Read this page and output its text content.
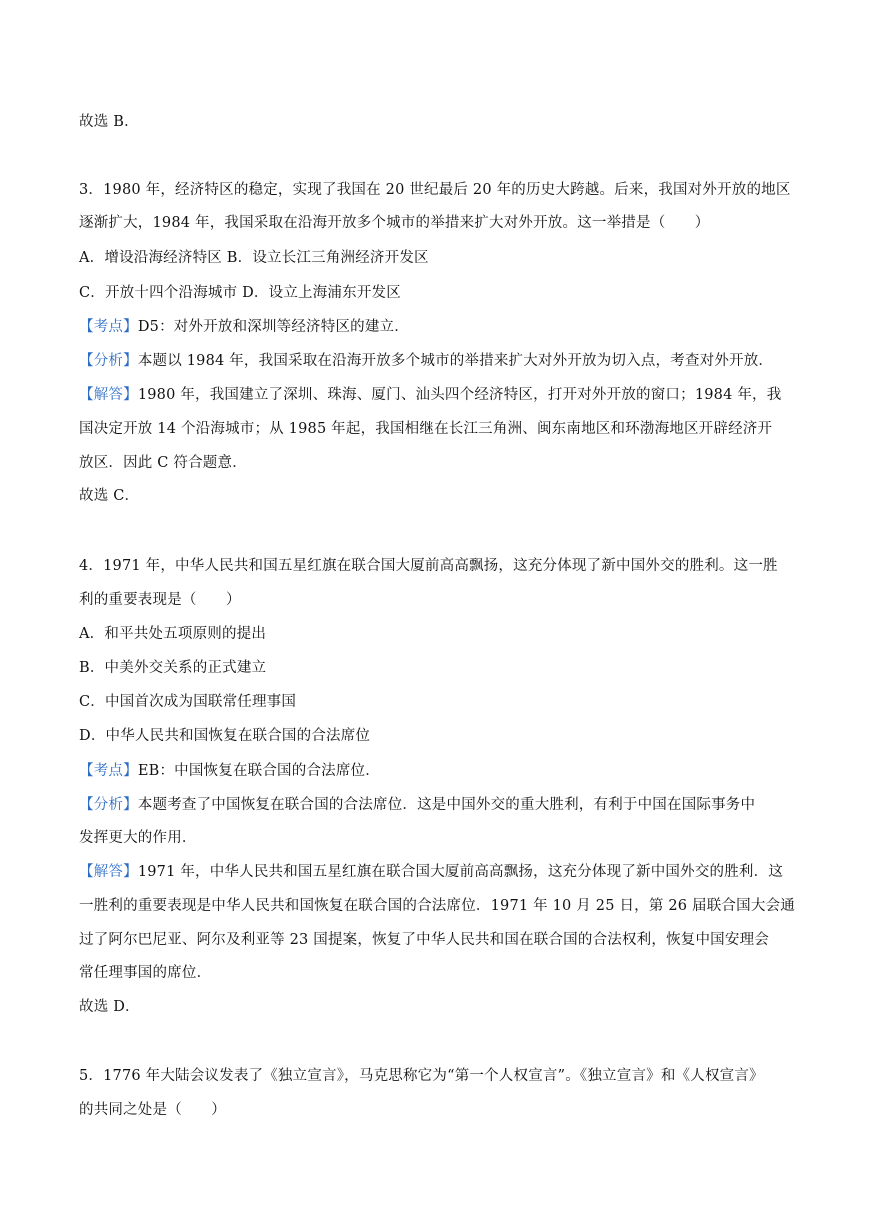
故选 B．
3．1980 年，经济特区的稳定，实现了我国在 20 世纪最后 20 年的历史大跨越。后来，我国对外开放的地区
逐渐扩大，1984 年，我国采取在沿海开放多个城市的举措来扩大对外开放。这一举措是（　　）
A．增设沿海经济特区 B．设立长江三角洲经济开发区
C．开放十四个沿海城市 D．设立上海浦东开发区
【考点】D5：对外开放和深圳等经济特区的建立．
【分析】本题以 1984 年，我国采取在沿海开放多个城市的举措来扩大对外开放为切入点，考查对外开放．
【解答】1980 年，我国建立了深圳、珠海、厦门、汕头四个经济特区，打开对外开放的窗口；1984 年，我
国决定开放 14 个沿海城市；从 1985 年起，我国相继在长江三角洲、闽东南地区和环渤海地区开辟经济开
放区．因此 C 符合题意．
故选 C．
4．1971 年，中华人民共和国五星红旗在联合国大厦前高高飘扬，这充分体现了新中国外交的胜利。这一胜
利的重要表现是（　　）
A．和平共处五项原则的提出
B．中美外交关系的正式建立
C．中国首次成为国联常任理事国
D．中华人民共和国恢复在联合国的合法席位
【考点】EB：中国恢复在联合国的合法席位．
【分析】本题考查了中国恢复在联合国的合法席位．这是中国外交的重大胜利，有利于中国在国际事务中
发挥更大的作用．
【解答】1971 年，中华人民共和国五星红旗在联合国大厦前高高飘扬，这充分体现了新中国外交的胜利．这
一胜利的重要表现是中华人民共和国恢复在联合国的合法席位．1971 年 10 月 25 日，第 26 届联合国大会通
过了阿尔巴尼亚、阿尔及利亚等 23 国提案，恢复了中华人民共和国在联合国的合法权利，恢复中国安理会
常任理事国的席位．
故选 D．
5．1776 年大陆会议发表了《独立宣言》，马克思称它为“第一个人权宣言”。《独立宣言》和《人权宣言》
的共同之处是（　　）
